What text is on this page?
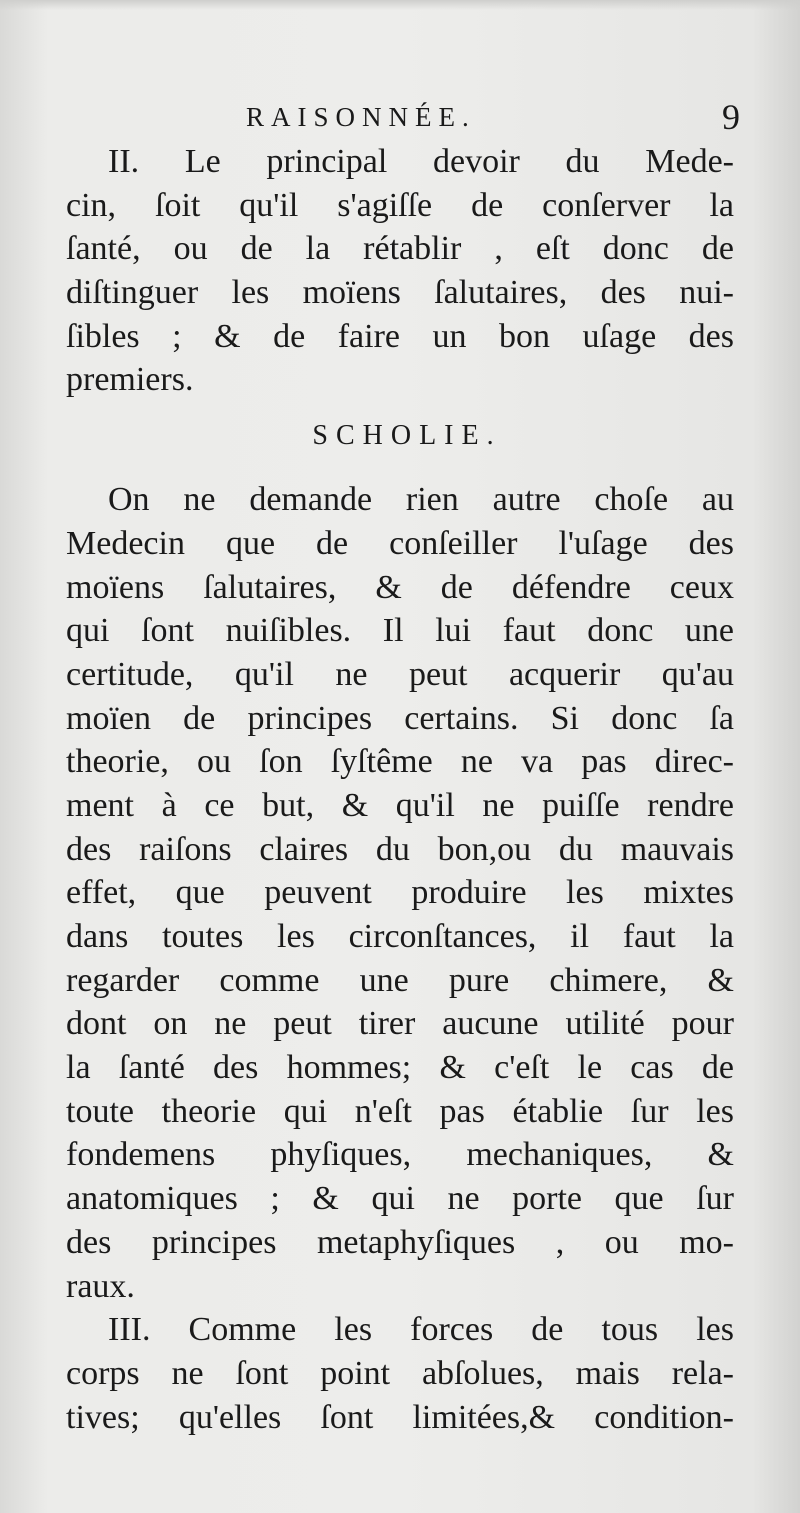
RAISONNÉE.	9
II. Le principal devoir du Mede-
cin, ſoit qu'il s'agiſſe de conſerver la
ſanté, ou de la rétablir , eſt donc de
diſtinguer les moïens ſalutaires, des nui-
ſibles ; & de faire un bon uſage des
premiers.
SCHOLIE.
On ne demande rien autre choſe au
Medecin que de conſeiller l'uſage des
moïens ſalutaires, & de défendre ceux
qui ſont nuiſibles. Il lui faut donc une
certitude, qu'il ne peut acquerir qu'au
moïen de principes certains. Si donc ſa
theorie, ou ſon ſyſtême ne va pas direc-
ment à ce but, & qu'il ne puiſſe rendre
des raiſons claires du bon,ou du mauvais
effet, que peuvent produire les mixtes
dans toutes les circonſtances, il faut la
regarder comme une pure chimere, &
dont on ne peut tirer aucune utilité pour
la ſanté des hommes; & c'eſt le cas de
toute theorie qui n'eſt pas établie ſur les
fondemens phyſiques, mechaniques, &
anatomiques ; & qui ne porte que ſur
des principes metaphyſiques , ou mo-
raux.
III. Comme les forces de tous les
corps ne ſont point abſolues, mais rela-
tives; qu'elles ſont limitées,& condition-
